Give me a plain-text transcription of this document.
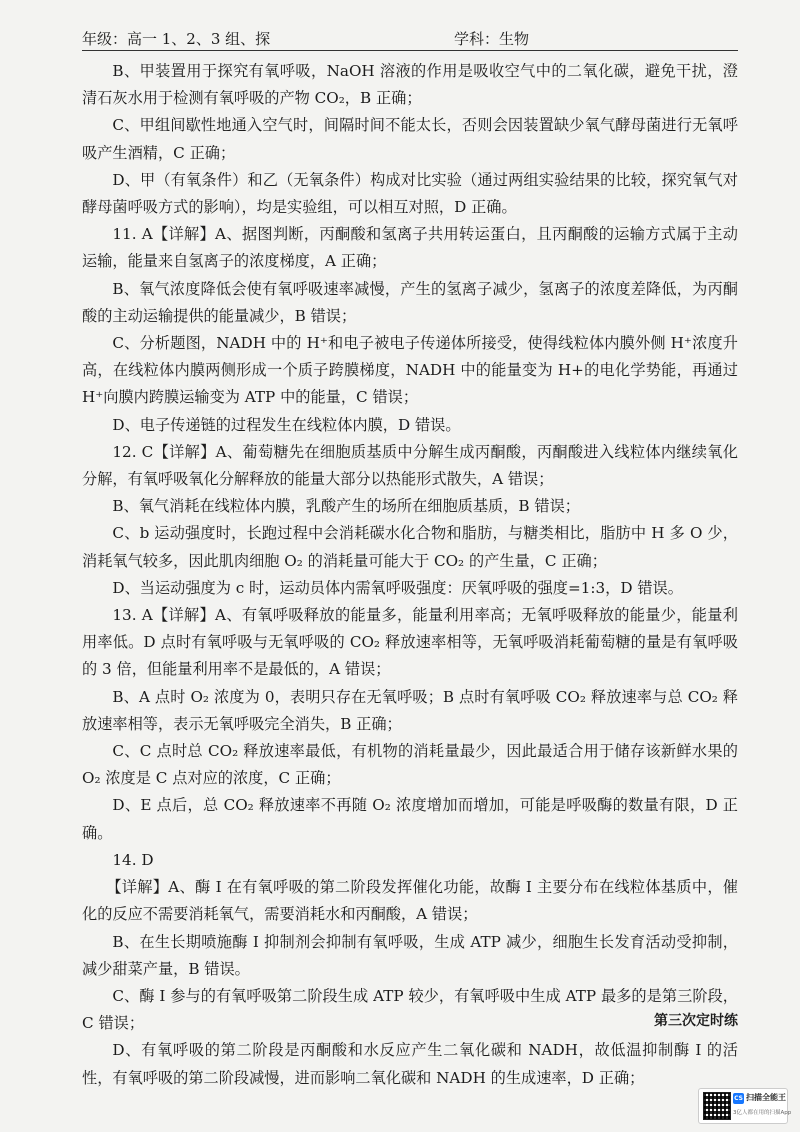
年级：高一 1、2、3 组、探	学科：生物

B、甲装置用于探究有氧呼吸，NaOH 溶液的作用是吸收空气中的二氧化碳，避免干扰，澄清石灰水用于检测有氧呼吸的产物 CO₂，B 正确；

C、甲组间歇性地通入空气时，间隔时间不能太长，否则会因装置缺少氧气酵母菌进行无氧呼吸产生酒精，C 正确；

D、甲（有氧条件）和乙（无氧条件）构成对比实验（通过两组实验结果的比较，探究氧气对酵母菌呼吸方式的影响），均是实验组，可以相互对照，D 正确。

11. A【详解】A、据图判断，丙酮酸和氢离子共用转运蛋白，且丙酮酸的运输方式属于主动运输，能量来自氢离子的浓度梯度，A 正确；

B、氧气浓度降低会使有氧呼吸速率减慢，产生的氢离子减少，氢离子的浓度差降低，为丙酮酸的主动运输提供的能量减少，B 错误；

C、分析题图，NADH 中的 H⁺和电子被电子传递体所接受，使得线粒体内膜外侧 H⁺浓度升高，在线粒体内膜两侧形成一个质子跨膜梯度，NADH 中的能量变为 H+的电化学势能，再通过 H⁺向膜内跨膜运输变为 ATP 中的能量，C 错误；

D、电子传递链的过程发生在线粒体内膜，D 错误。

12. C【详解】A、葡萄糖先在细胞质基质中分解生成丙酮酸，丙酮酸进入线粒体内继续氧化分解，有氧呼吸氧化分解释放的能量大部分以热能形式散失，A 错误；

B、氧气消耗在线粒体内膜，乳酸产生的场所在细胞质基质，B 错误；

C、b 运动强度时，长跑过程中会消耗碳水化合物和脂肪，与糖类相比，脂肪中 H 多 O 少，消耗氧气较多，因此肌肉细胞 O₂ 的消耗量可能大于 CO₂ 的产生量，C 正确；

D、当运动强度为 c 时，运动员体内需氧呼吸强度：厌氧呼吸的强度=1:3，D 错误。

13. A【详解】A、有氧呼吸释放的能量多，能量利用率高；无氧呼吸释放的能量少，能量利用率低。D 点时有氧呼吸与无氧呼吸的 CO₂ 释放速率相等，无氧呼吸消耗葡萄糖的量是有氧呼吸的 3 倍，但能量利用率不是最低的，A 错误；

B、A 点时 O₂ 浓度为 0，表明只存在无氧呼吸；B 点时有氧呼吸 CO₂ 释放速率与总 CO₂ 释放速率相等，表示无氧呼吸完全消失，B 正确；

C、C 点时总 CO₂ 释放速率最低，有机物的消耗量最少，因此最适合用于储存该新鲜水果的 O₂ 浓度是 C 点对应的浓度，C 正确；

D、E 点后，总 CO₂ 释放速率不再随 O₂ 浓度增加而增加，可能是呼吸酶的数量有限，D 正确。

14. D

【详解】A、酶 I 在有氧呼吸的第二阶段发挥催化功能，故酶 I 主要分布在线粒体基质中，催化的反应不需要消耗氧气，需要消耗水和丙酮酸，A 错误；

B、在生长期喷施酶 I 抑制剂会抑制有氧呼吸，生成 ATP 减少，细胞生长发育活动受抑制，减少甜菜产量，B 错误。

C、酶 I 参与的有氧呼吸第二阶段生成 ATP 较少，有氧呼吸中生成 ATP 最多的是第三阶段，C 错误；

D、有氧呼吸的第二阶段是丙酮酸和水反应产生二氧化碳和 NADH，故低温抑制酶 I 的活性，有氧呼吸的第二阶段减慢，进而影响二氧化碳和 NADH 的生成速率，D 正确；

第三次定时练
CS 扫描全能王
3亿人都在用的扫描App
